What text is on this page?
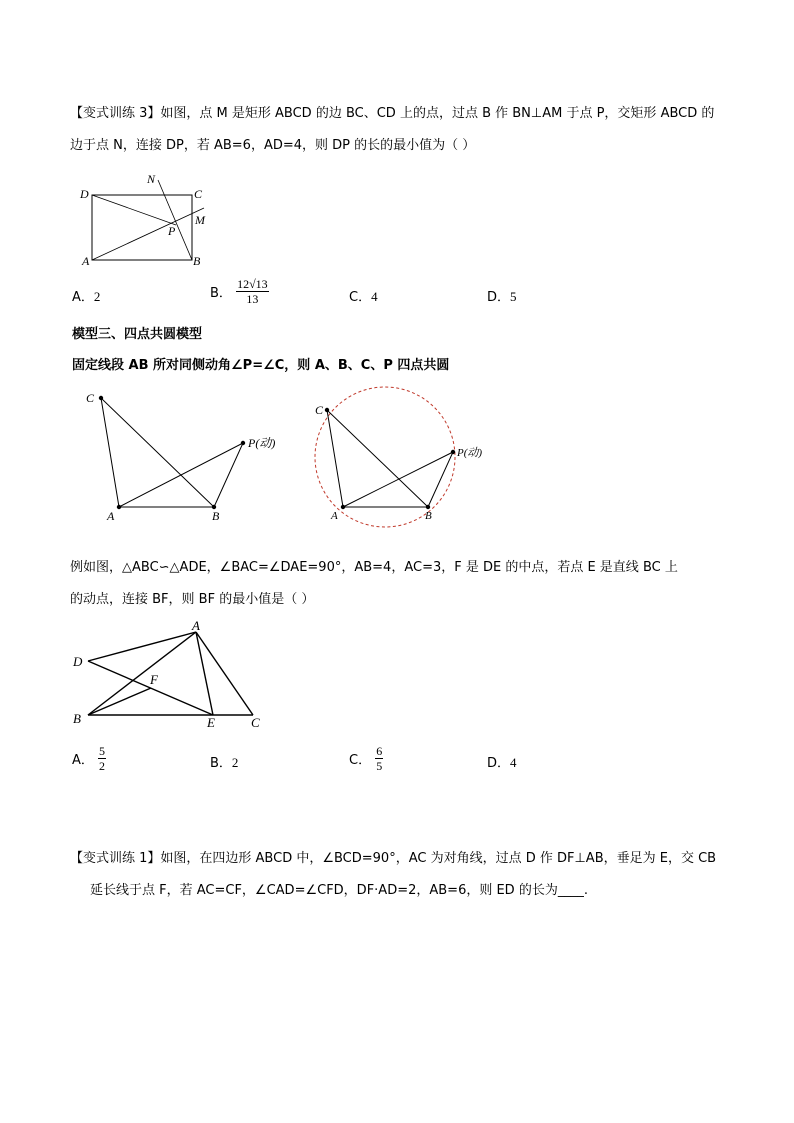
【变式训练 3】如图，点 M 是矩形 ABCD 的边 BC、CD 上的点，过点 B 作 BN⊥AM 于点 P，交矩形 ABCD 的
边于点 N，连接 DP，若 AB=6，AD=4，则 DP 的长的最小值为（ ）
D	C
N
M
P
A	B
A．2	B． $\frac{12√13}{13}$	C．4	D．5
模型三、四点共圆模型
固定线段 AB 所对同侧动角∠P=∠C，则 A、B、C、P 四点共圆
C
P(动)
A	B
C
P(动)
A	B
例如图，△ABC∽△ADE，∠BAC=∠DAE=90°，AB=4，AC=3，F 是 DE 的中点，若点 E 是直线 BC 上
的动点，连接 BF，则 BF 的最小值是（ ）
A
D
F
B	E	C
A． $\frac{5}{2}$	B．2	C． $\frac{6}{5}$	D．4
【变式训练 1】如图，在四边形 ABCD 中，∠BCD=90°，AC 为对角线，过点 D 作 DF⊥AB，垂足为 E，交 CB
延长线于点 F，若 AC=CF，∠CAD=∠CFD，DF·AD=2，AB=6，则 ED 的长为____.
